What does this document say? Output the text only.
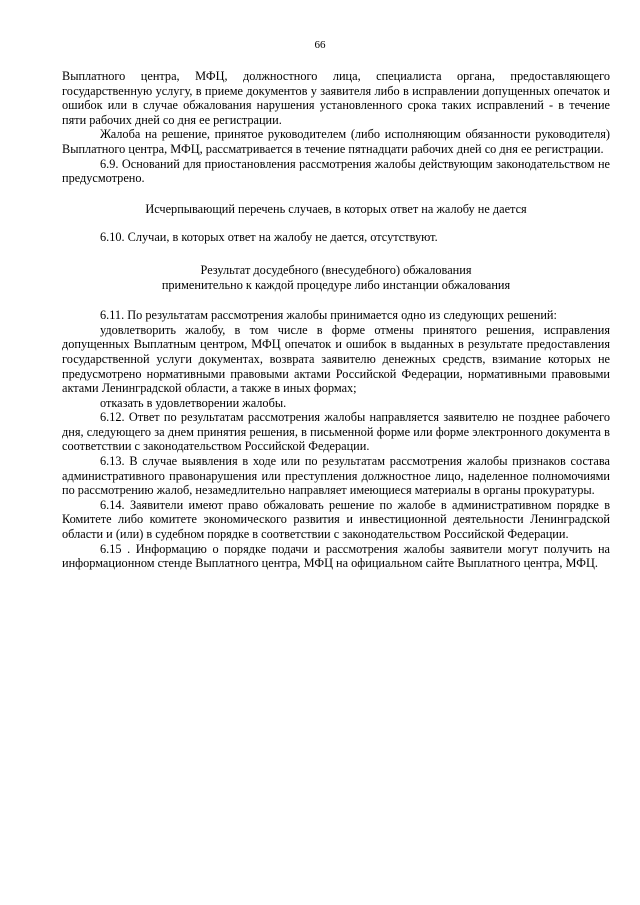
66

Выплатного центра, МФЦ, должностного лица, специалиста органа, предоставляющего государственную услугу, в приеме документов у заявителя либо в исправлении допущенных опечаток и ошибок или в случае обжалования нарушения установленного срока таких исправлений - в течение пяти рабочих дней со дня ее регистрации.

Жалоба на решение, принятое руководителем (либо исполняющим обязанности руководителя) Выплатного центра, МФЦ, рассматривается в течение пятнадцати рабочих дней со дня ее регистрации.

6.9. Оснований для приостановления рассмотрения жалобы действующим законодательством не предусмотрено.

Исчерпывающий перечень случаев, в которых ответ на жалобу не дается

6.10. Случаи, в которых ответ на жалобу не дается, отсутствуют.

Результат досудебного (внесудебного) обжалования

применительно к каждой процедуре либо инстанции обжалования

6.11. По результатам рассмотрения жалобы принимается одно из следующих решений:

удовлетворить жалобу, в том числе в форме отмены принятого решения, исправления допущенных Выплатным центром, МФЦ опечаток и ошибок в выданных в результате предоставления государственной услуги документах, возврата заявителю денежных средств, взимание которых не предусмотрено нормативными правовыми актами Российской Федерации, нормативными правовыми актами Ленинградской области, а также в иных формах;

отказать в удовлетворении жалобы.

6.12. Ответ по результатам рассмотрения жалобы направляется заявителю не позднее рабочего дня, следующего за днем принятия решения, в письменной форме или форме электронного документа в соответствии с законодательством Российской Федерации.

6.13. В случае выявления в ходе или по результатам рассмотрения жалобы признаков состава административного правонарушения или преступления должностное лицо, наделенное полномочиями по рассмотрению жалоб, незамедлительно направляет имеющиеся материалы в органы прокуратуры.

6.14. Заявители имеют право обжаловать решение по жалобе в административном порядке в Комитете либо комитете экономического развития и инвестиционной деятельности Ленинградской области и (или) в судебном порядке в соответствии с законодательством Российской Федерации.

6.15 . Информацию о порядке подачи и рассмотрения жалобы заявители могут получить на информационном стенде Выплатного центра, МФЦ на официальном сайте Выплатного центра, МФЦ.
